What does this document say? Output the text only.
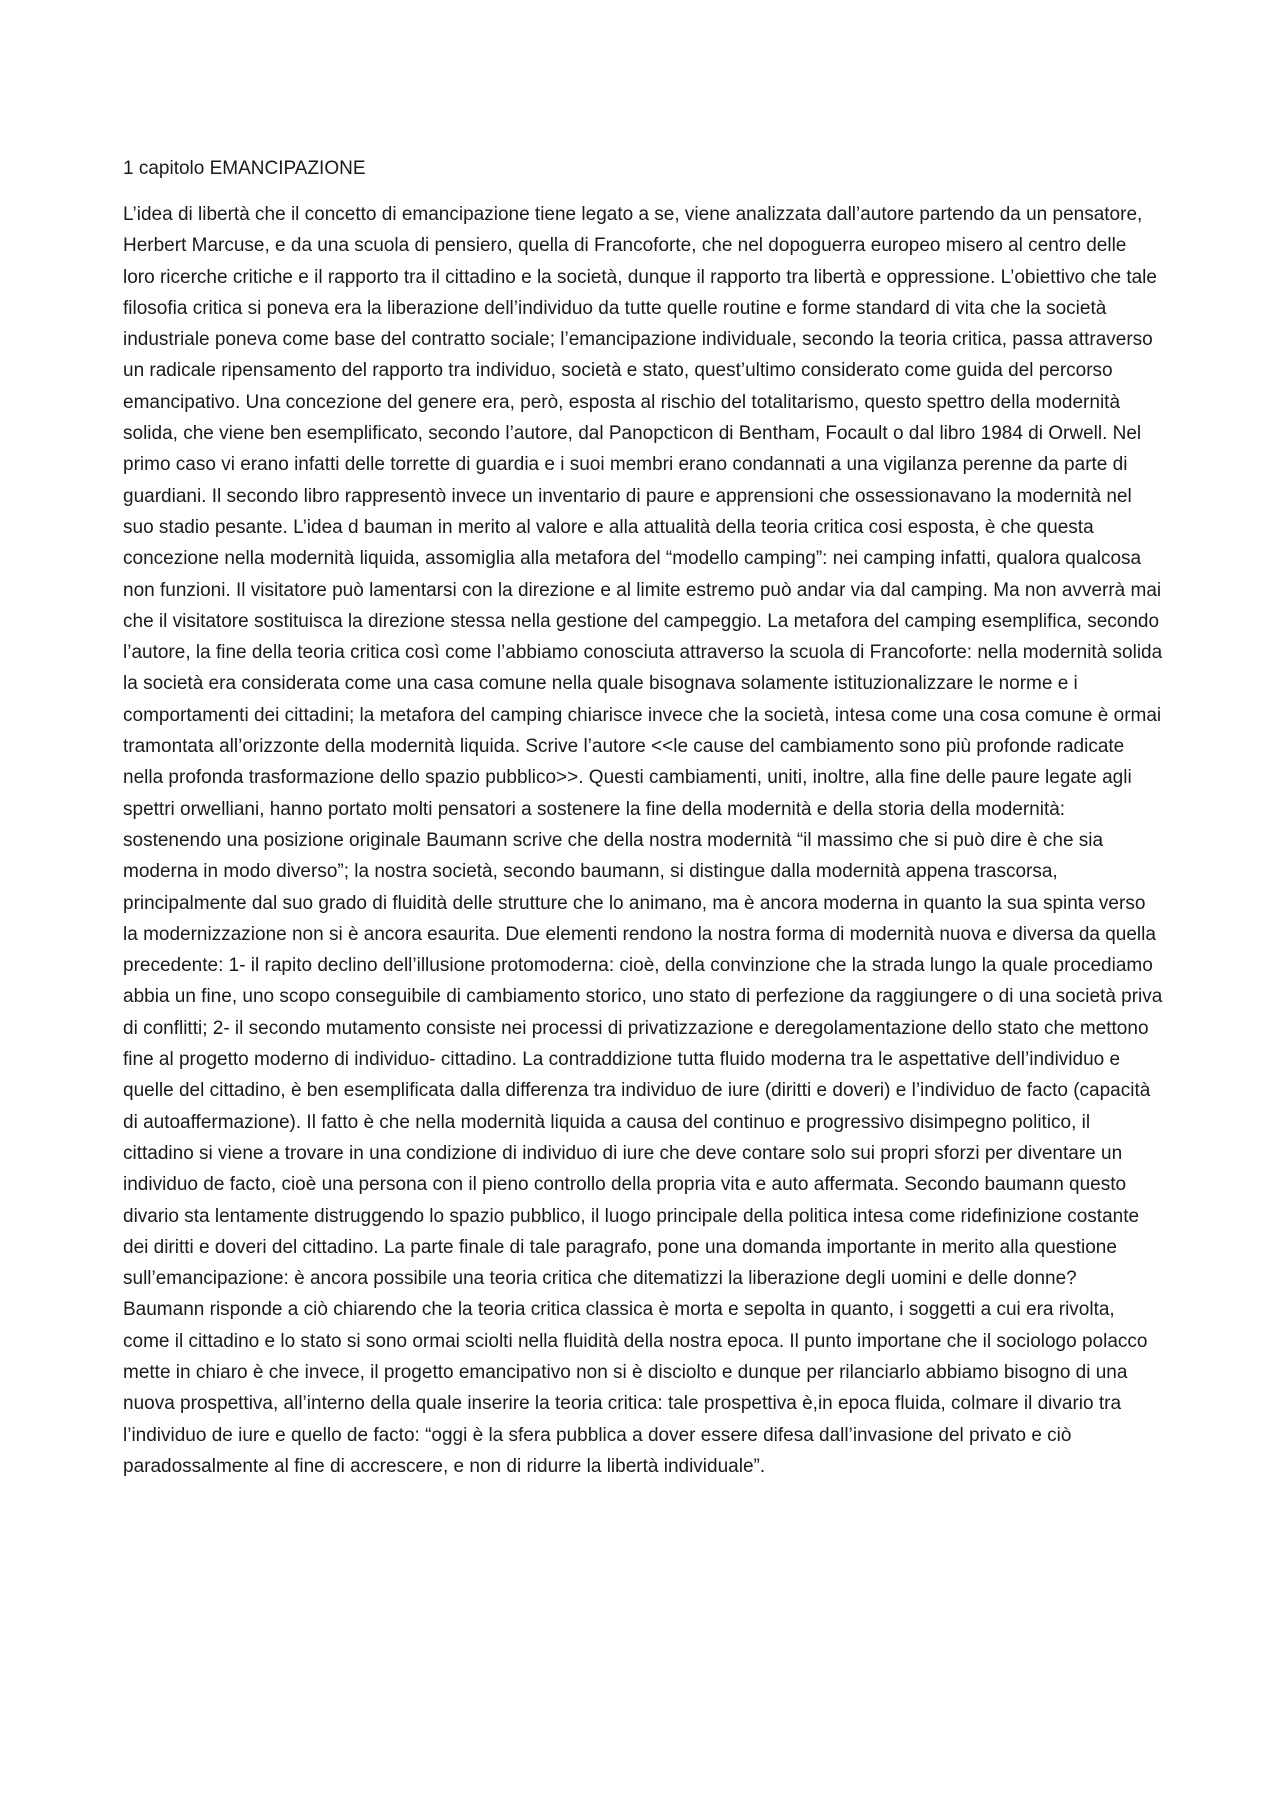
1 capitolo EMANCIPAZIONE

L’idea di libertà che il concetto di emancipazione tiene legato a se, viene analizzata dall’autore partendo da un pensatore, Herbert Marcuse, e da una scuola di pensiero, quella di Francoforte, che nel dopoguerra europeo misero al centro delle loro ricerche critiche e il rapporto tra il cittadino e la società, dunque il rapporto tra libertà e oppressione. L’obiettivo che tale filosofia critica si poneva era la liberazione dell’individuo da tutte quelle routine e forme standard di vita che la società industriale poneva come base del contratto sociale; l’emancipazione individuale, secondo la teoria critica, passa attraverso un radicale ripensamento del rapporto tra individuo, società e stato, quest’ultimo considerato come guida del percorso emancipativo. Una concezione del genere era, però, esposta al rischio del totalitarismo, questo spettro della modernità solida, che viene ben esemplificato, secondo l’autore, dal Panopcticon di Bentham, Focault o dal libro 1984 di Orwell. Nel primo caso vi erano infatti delle torrette di guardia e i suoi membri erano condannati a una vigilanza perenne da parte di guardiani. Il secondo libro rappresentò invece un inventario di paure e apprensioni che ossessionavano la modernità nel suo stadio pesante. L’idea d bauman in merito al valore e alla attualità della teoria critica cosi esposta, è che questa concezione nella modernità liquida, assomiglia alla metafora del “modello camping”: nei camping infatti, qualora qualcosa non funzioni. Il visitatore può lamentarsi con la direzione e al limite estremo può andar via dal camping. Ma non avverrà mai che il visitatore sostituisca la direzione stessa nella gestione del campeggio. La metafora del camping esemplifica, secondo l’autore, la fine della teoria critica così come l’abbiamo conosciuta attraverso la scuola di Francoforte: nella modernità solida la società era considerata come una casa comune nella quale bisognava solamente istituzionalizzare le norme e i comportamenti dei cittadini; la metafora del camping chiarisce invece che la società, intesa come una cosa comune è ormai tramontata all’orizzonte della modernità liquida. Scrive l’autore <<le cause del cambiamento sono più profonde radicate nella profonda trasformazione dello spazio pubblico>>. Questi cambiamenti, uniti, inoltre, alla fine delle paure legate agli spettri orwelliani, hanno portato molti pensatori a sostenere la fine della modernità e della storia della modernità: sostenendo una posizione originale Baumann scrive che della nostra modernità “il massimo che si può dire è che sia moderna in modo diverso”; la nostra società, secondo baumann, si distingue dalla modernità appena trascorsa, principalmente dal suo grado di fluidità delle strutture che lo animano, ma è ancora moderna in quanto la sua spinta verso la modernizzazione non si è ancora esaurita. Due elementi rendono la nostra forma di modernità nuova e diversa da quella precedente: 1- il rapito declino dell’illusione protomoderna: cioè, della convinzione che la strada lungo la quale procediamo abbia un fine, uno scopo conseguibile di cambiamento storico, uno stato di perfezione da raggiungere o di una società priva di conflitti; 2- il secondo mutamento consiste nei processi di privatizzazione e deregolamentazione dello stato che mettono fine al progetto moderno di individuo- cittadino. La contraddizione tutta fluido moderna tra le aspettative dell’individuo e quelle del cittadino, è ben esemplificata dalla differenza tra individuo de iure (diritti e doveri) e l’individuo de facto (capacità di autoaffermazione). Il fatto è che nella modernità liquida a causa del continuo e progressivo disimpegno politico, il cittadino si viene a trovare in una condizione di individuo di iure che deve contare solo sui propri sforzi per diventare un individuo de facto, cioè una persona con il pieno controllo della propria vita e auto affermata. Secondo baumann questo divario sta lentamente distruggendo lo spazio pubblico, il luogo principale della politica intesa come ridefinizione costante dei diritti e doveri del cittadino. La parte finale di tale paragrafo, pone una domanda importante in merito alla questione sull’emancipazione: è ancora possibile una teoria critica che ditematizzi la liberazione degli uomini e delle donne? Baumann risponde a ciò chiarendo che la teoria critica classica è morta e sepolta in quanto, i soggetti a cui era rivolta, come il cittadino e lo stato si sono ormai sciolti nella fluidità della nostra epoca. Il punto importane che il sociologo polacco mette in chiaro è che invece, il progetto emancipativo non si è disciolto e dunque per rilanciarlo abbiamo bisogno di una nuova prospettiva, all’interno della quale inserire la teoria critica: tale prospettiva è,in epoca fluida, colmare il divario tra l’individuo de iure e quello de facto: “oggi è la sfera pubblica a dover essere difesa dall’invasione del privato e ciò paradossalmente al fine di accrescere, e non di ridurre la libertà individuale”.
